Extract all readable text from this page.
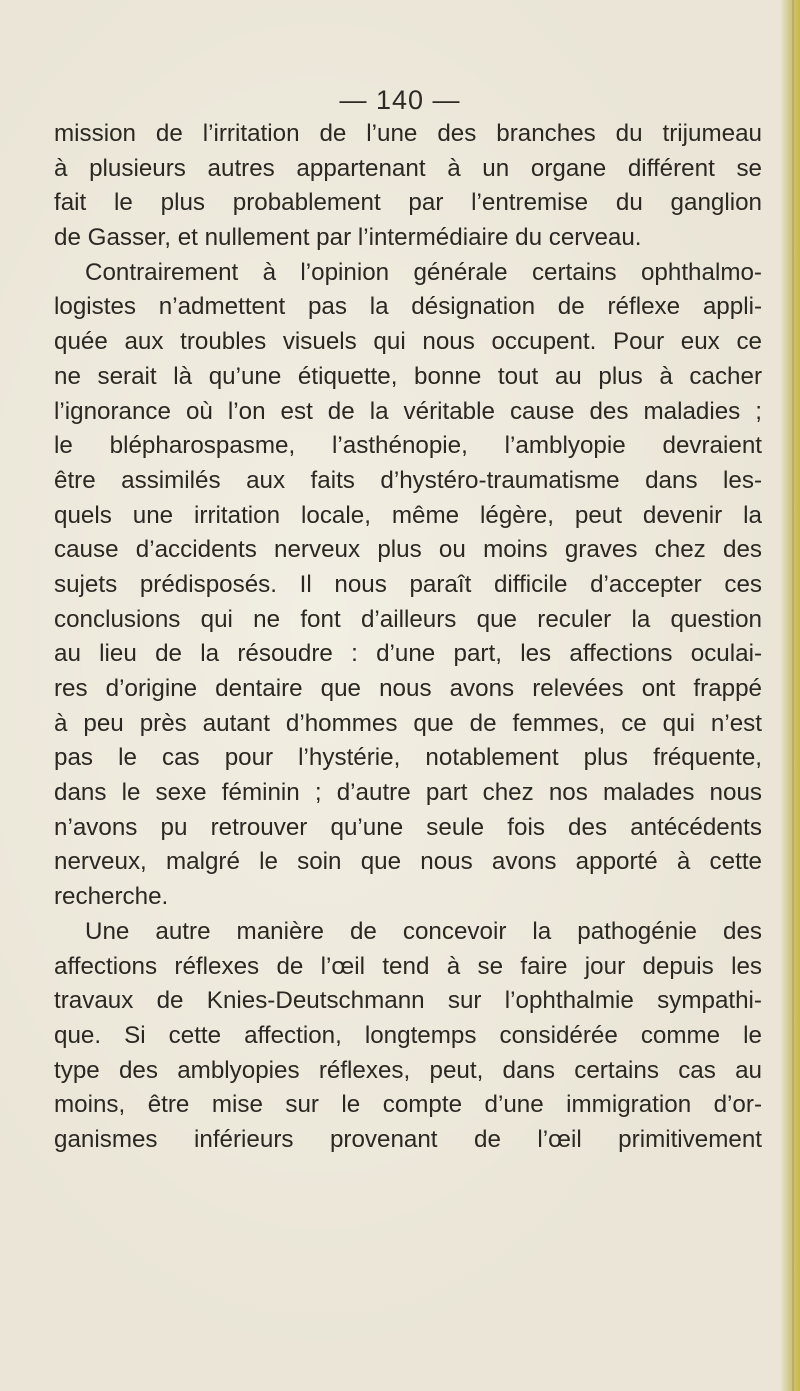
— 140 —
mission de l’irritation de l’une des branches du trijumeau
à plusieurs autres appartenant à un organe différent se
fait le plus probablement par l’entremise du ganglion
de Gasser, et nullement par l’intermédiaire du cerveau.
Contrairement à l’opinion générale certains ophthalmo-
logistes n’admettent pas la désignation de réflexe appli-
quée aux troubles visuels qui nous occupent. Pour eux ce
ne serait là qu’une étiquette, bonne tout au plus à cacher
l’ignorance où l’on est de la véritable cause des maladies ;
le blépharospasme, l’asthénopie, l’amblyopie devraient
être assimilés aux faits d’hystéro-traumatisme dans les-
quels une irritation locale, même légère, peut devenir la
cause d’accidents nerveux plus ou moins graves chez des
sujets prédisposés. Il nous paraît difficile d’accepter ces
conclusions qui ne font d’ailleurs que reculer la question
au lieu de la résoudre : d’une part, les affections oculai-
res d’origine dentaire que nous avons relevées ont frappé
à peu près autant d’hommes que de femmes, ce qui n’est
pas le cas pour l’hystérie, notablement plus fréquente,
dans le sexe féminin ; d’autre part chez nos malades nous
n’avons pu retrouver qu’une seule fois des antécédents
nerveux, malgré le soin que nous avons apporté à cette
recherche.
Une autre manière de concevoir la pathogénie des
affections réflexes de l’œil tend à se faire jour depuis les
travaux de Knies-Deutschmann sur l’ophthalmie sympathi-
que. Si cette affection, longtemps considérée comme le
type des amblyopies réflexes, peut, dans certains cas au
moins, être mise sur le compte d’une immigration d’or-
ganismes inférieurs provenant de l’œil primitivement
